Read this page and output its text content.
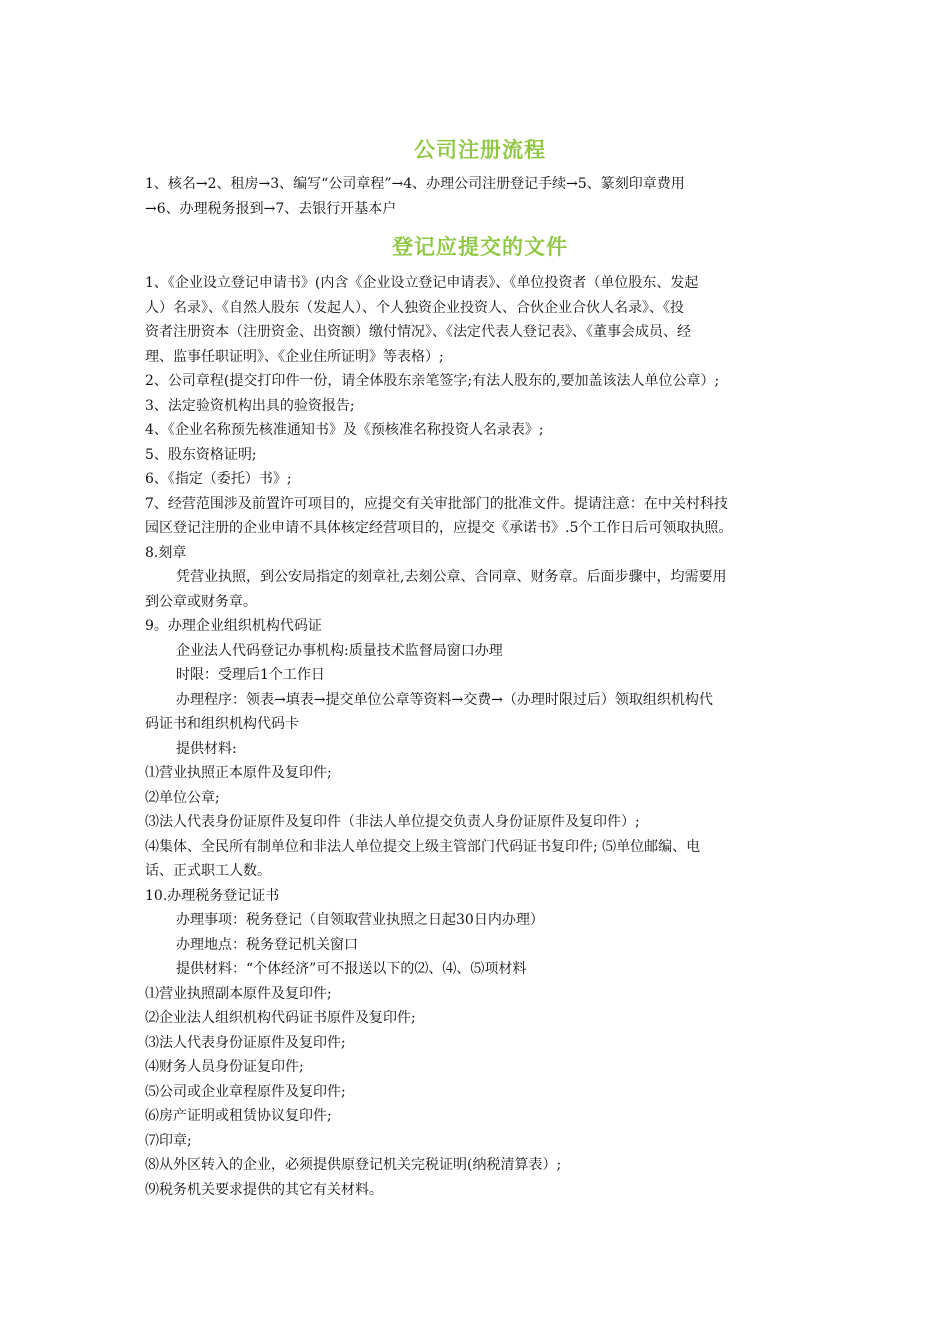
公司注册流程

1、核名→2、租房→3、编写“公司章程”→4、办理公司注册登记手续→5、篆刻印章费用

→6、办理税务报到→7、去银行开基本户

登记应提交的文件

1、《企业设立登记申请书》(内含《企业设立登记申请表》、《单位投资者（单位股东、发起

人）名录》、《自然人股东（发起人）、个人独资企业投资人、合伙企业合伙人名录》、《投

资者注册资本（注册资金、出资额）缴付情况》、《法定代表人登记表》、《董事会成员、经

理、监事任职证明》、《企业住所证明》等表格）;

2、公司章程(提交打印件一份，请全体股东亲笔签字;有法人股东的,要加盖该法人单位公章）;

3、法定验资机构出具的验资报告;

4、《企业名称预先核准通知书》及《预核准名称投资人名录表》;

5、股东资格证明;

6、《指定（委托）书》;

7、经营范围涉及前置许可项目的，应提交有关审批部门的批准文件。提请注意：在中关村科技

园区登记注册的企业申请不具体核定经营项目的，应提交《承诺书》.5个工作日后可领取执照。

8.刻章

凭营业执照，到公安局指定的刻章社,去刻公章、合同章、财务章。后面步骤中，均需要用

到公章或财务章。

9。办理企业组织机构代码证

企业法人代码登记办事机构:质量技术监督局窗口办理

时限：受理后1个工作日

办理程序：领表→填表→提交单位公章等资料→交费→（办理时限过后）领取组织机构代

码证书和组织机构代码卡

提供材料:

⑴营业执照正本原件及复印件;

⑵单位公章;

⑶法人代表身份证原件及复印件（非法人单位提交负责人身份证原件及复印件）;

⑷集体、全民所有制单位和非法人单位提交上级主管部门代码证书复印件; ⑸单位邮编、电

话、正式职工人数。

10.办理税务登记证书

办理事项：税务登记（自领取营业执照之日起30日内办理）

办理地点：税务登记机关窗口

提供材料：“个体经济”可不报送以下的⑵、⑷、⑸项材料

⑴营业执照副本原件及复印件;

⑵企业法人组织机构代码证书原件及复印件;

⑶法人代表身份证原件及复印件;

⑷财务人员身份证复印件;

⑸公司或企业章程原件及复印件;

⑹房产证明或租赁协议复印件;

⑺印章;

⑻从外区转入的企业，必须提供原登记机关完税证明(纳税清算表）;

⑼税务机关要求提供的其它有关材料。
